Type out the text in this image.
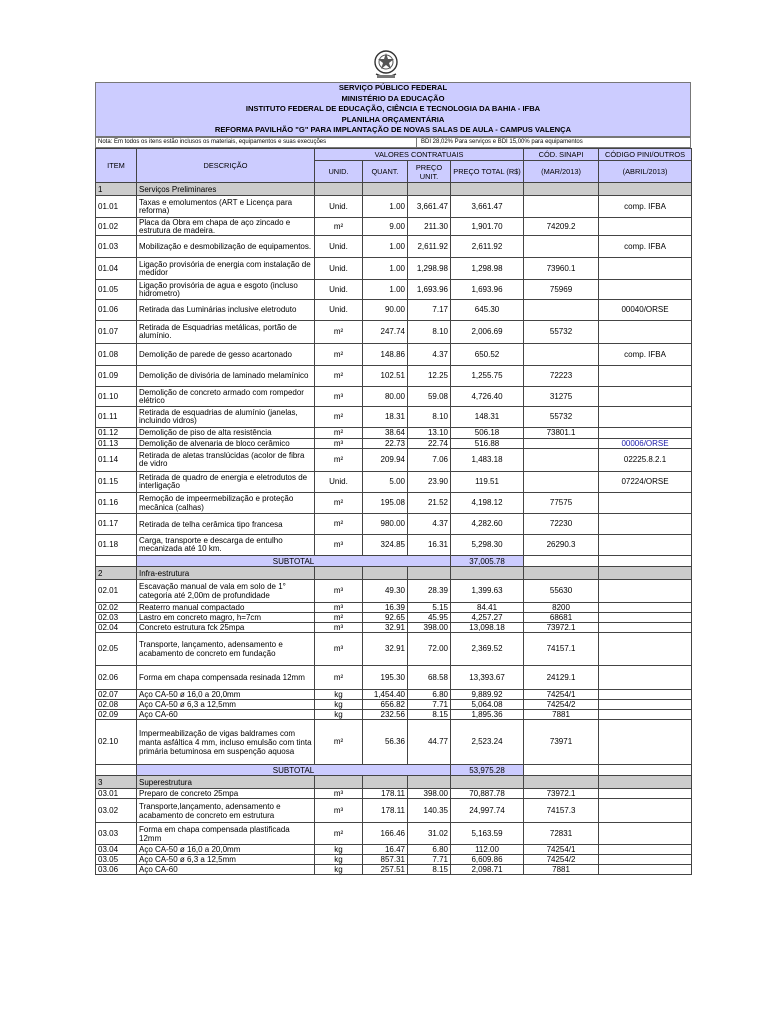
SERVIÇO PÚBLICO FEDERAL
MINISTÉRIO DA EDUCAÇÃO
INSTITUTO FEDERAL DE EDUCAÇÃO, CIÊNCIA E TECNOLOGIA DA BAHIA - IFBA
PLANILHA ORÇAMENTÁRIA
REFORMA PAVILHÃO "G" PARA IMPLANTAÇÃO DE NOVAS SALAS DE AULA - CAMPUS VALENÇA
Nota: Em todos os itens estão inclusos os materiais, equipamentos e suas execuções	BDI 28,02% Para serviços e BDI 15,00% para equipamentos
ITEM	DESCRIÇÃO	VALORES CONTRATUAIS				CÓD. SINAPI	CÓDIGO PINI/OUTROS
		UNID.	QUANT.	PREÇO UNIT.	PREÇO TOTAL (R$)	(MAR/2013)	(ABRIL/2013)
1	Serviços Preliminares						
01.01	Taxas e emolumentos (ART e Licença para reforma)	Unid.	1.00	3,661.47	3,661.47		comp. IFBA
01.02	Placa da Obra em chapa de aço zincado e estrutura de madeira.	m²	9.00	211.30	1,901.70	74209.2	
01.03	Mobilização e desmobilização de equipamentos.	Unid.	1.00	2,611.92	2,611.92		comp. IFBA
01.04	Ligação provisória de energia com instalação de medidor	Unid.	1.00	1,298.98	1,298.98	73960.1	
01.05	Ligação provisória de agua e esgoto (incluso hidrometro)	Unid.	1.00	1,693.96	1,693.96	75969	
01.06	Retirada das Luminárias inclusive eletroduto	Unid.	90.00	7.17	645.30		00040/ORSE
01.07	Retirada de Esquadrias metálicas, portão de alumínio.	m²	247.74	8.10	2,006.69	55732	
01.08	Demolição de parede de gesso acartonado	m²	148.86	4.37	650.52		comp. IFBA
01.09	Demolição de divisória de laminado melamínico	m²	102.51	12.25	1,255.75	72223	
01.10	Demolição de concreto armado com rompedor elétrico	m³	80.00	59.08	4,726.40	31275	
01.11	Retirada de esquadrias de alumínio (janelas, incluindo vidros)	m²	18.31	8.10	148.31	55732	
01.12	Demolição de piso de alta resistência	m²	38.64	13.10	506.18	73801.1	
01.13	Demolição de alvenaria de bloco cerâmico	m³	22.73	22.74	516.88		00006/ORSE
01.14	Retirada de aletas translúcidas (acolor de fibra de vidro	m²	209.94	7.06	1,483.18		02225.8.2.1
01.15	Retirada de quadro de energia e eletrodutos de interligação	Unid.	5.00	23.90	119.51		07224/ORSE
01.16	Remoção de impeermebilização e proteção mecânica (calhas)	m²	195.08	21.52	4,198.12	77575	
01.17	Retirada de telha cerâmica tipo francesa	m²	980.00	4.37	4,282.60	72230	
01.18	Carga, transporte e descarga de entulho mecanizada até 10 km.	m³	324.85	16.31	5,298.30	26290.3	
	SUBTOTAL				37,005.78		
2	Infra-estrutura						
02.01	Escavação manual de vala em solo de 1° categoria até 2,00m de profundidade	m³	49.30	28.39	1,399.63	55630	
02.02	Reaterro manual compactado	m³	16.39	5.15	84.41	8200	
02.03	Lastro em concreto magro, h=7cm	m²	92.65	45.95	4,257.27	68681	
02.04	Concreto estrutura fck 25mpa	m³	32.91	398.00	13,098.18	73972.1	
02.05	Transporte, lançamento, adensamento e acabamento de concreto em fundação	m³	32.91	72.00	2,369.52	74157.1	
02.06	Forma em chapa compensada resinada 12mm	m²	195.30	68.58	13,393.67	24129.1	
02.07	Aço CA-50 ø 16,0 a 20,0mm	kg	1,454.40	6.80	9,889.92	74254/1	
02.08	Aço CA-50 ø 6,3 a 12,5mm	kg	656.82	7.71	5,064.08	74254/2	
02.09	Aço CA-60	kg	232.56	8.15	1,895.36	7881	
02.10	Impermeabilização de vigas baldrames com manta asfáltica 4 mm, incluso emulsão com tinta primária betuminosa em suspenção aquosa	m²	56.36	44.77	2,523.24	73971	
	SUBTOTAL				53,975.28		
3	Superestrutura						
03.01	Preparo de concreto 25mpa	m³	178.11	398.00	70,887.78	73972.1	
03.02	Transporte,lançamento, adensamento e acabamento de concreto em estrutura	m³	178.11	140.35	24,997.74	74157.3	
03.03	Forma em chapa compensada plastificada 12mm	m²	166.46	31.02	5,163.59	72831	
03.04	Aço CA-50 ø 16,0 a 20,0mm	kg	16.47	6.80	112.00	74254/1	
03.05	Aço CA-50 ø 6,3 a 12,5mm	kg	857.31	7.71	6,609.86	74254/2	
03.06	Aço CA-60	kg	257.51	8.15	2,098.71	7881	
